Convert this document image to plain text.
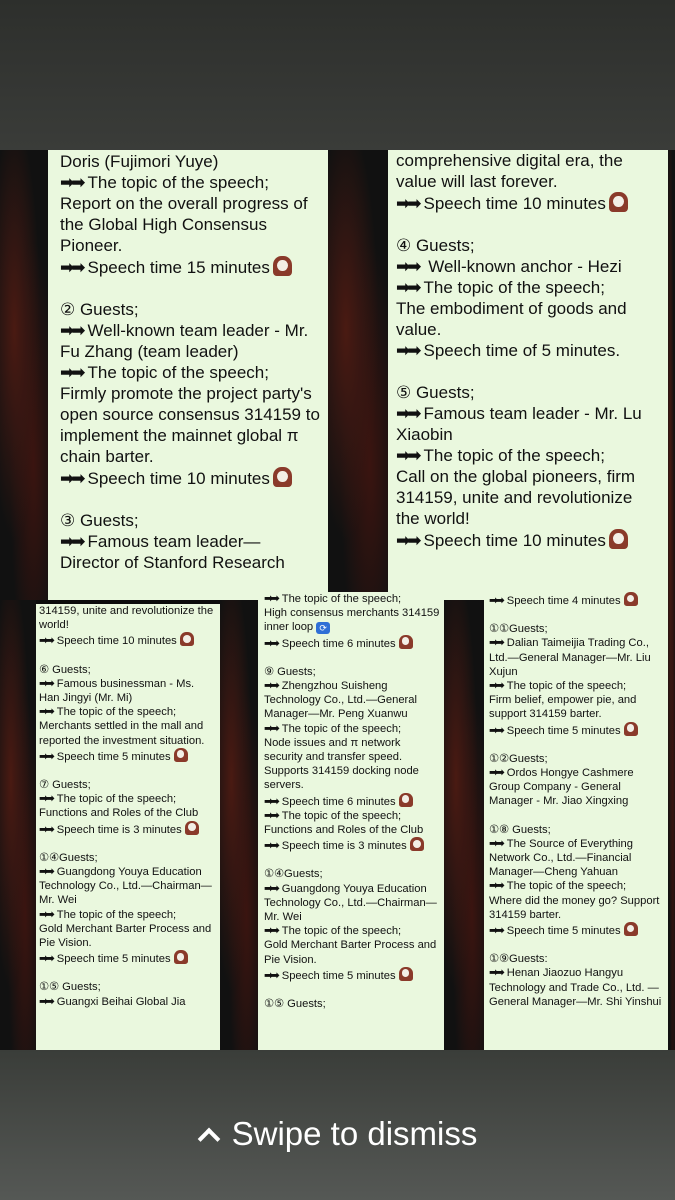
Doris (Fujimori Yuye)

➡➡ The topic of the speech;

Report on the overall progress of the Global High Consensus Pioneer.

➡➡ Speech time 15 minutes

② Guests;

➡➡ Well-known team leader - Mr. Fu Zhang (team leader)

➡➡ The topic of the speech;

Firmly promote the project party's open source consensus 314159 to implement the mainnet global π chain barter.

➡➡ Speech time 10 minutes

③ Guests;

➡➡ Famous team leader—

Director of Stanford Research

comprehensive digital era, the value will last forever.

➡➡ Speech time 10 minutes

④ Guests;

➡➡ Well-known anchor - Hezi

➡➡ The topic of the speech;

The embodiment of goods and value.

➡➡ Speech time of 5 minutes.

⑤ Guests;

➡➡ Famous team leader - Mr. Lu Xiaobin

➡➡ The topic of the speech;

Call on the global pioneers, firm 314159, unite and revolutionize the world!

➡➡ Speech time 10 minutes

314159, unite and revolutionize the world!

➡➡ Speech time 10 minutes

⑥ Guests;

➡➡ Famous businessman - Ms. Han Jingyi (Mr. Mi)

➡➡ The topic of the speech;

Merchants settled in the mall and reported the investment situation.

➡➡ Speech time 5 minutes

⑦ Guests;

➡➡ The topic of the speech;

Functions and Roles of the Club

➡➡ Speech time is 3 minutes

①④Guests;

➡➡ Guangdong Youya Education Technology Co., Ltd.—Chairman—Mr. Wei

➡➡ The topic of the speech;

Gold Merchant Barter Process and Pie Vision.

➡➡ Speech time 5 minutes

①⑤ Guests;

➡➡ Guangxi Beihai Global Jia

➡➡ The topic of the speech;

High consensus merchants 314159 inner loop ⟳

➡➡ Speech time 6 minutes

⑨ Guests;

➡➡ Zhengzhou Suisheng Technology Co., Ltd.—General Manager—Mr. Peng Xuanwu

➡➡ The topic of the speech;

Node issues and π network security and transfer speed. Supports 314159 docking node servers.

➡➡ Speech time 6 minutes

➡➡ The topic of the speech;

Functions and Roles of the Club

➡➡ Speech time is 3 minutes

①④Guests;

➡➡ Guangdong Youya Education Technology Co., Ltd.—Chairman—Mr. Wei

➡➡ The topic of the speech;

Gold Merchant Barter Process and Pie Vision.

➡➡ Speech time 5 minutes

①⑤ Guests;

➡➡ Speech time 4 minutes

①①Guests;

➡➡ Dalian Taimeijia Trading Co., Ltd.—General Manager—Mr. Liu Xujun

➡➡ The topic of the speech;

Firm belief, empower pie, and support 314159 barter.

➡➡ Speech time 5 minutes

①②Guests;

➡➡ Ordos Hongye Cashmere Group Company - General Manager - Mr. Jiao Xingxing

①⑧ Guests;

➡➡ The Source of Everything Network Co., Ltd.—Financial Manager—Cheng Yahuan

➡➡ The topic of the speech;

Where did the money go? Support 314159 barter.

➡➡ Speech time 5 minutes

①⑨Guests:

➡➡ Henan Jiaozuo Hangyu Technology and Trade Co., Ltd. —General Manager—Mr. Shi Yinshui

Swipe to dismiss
